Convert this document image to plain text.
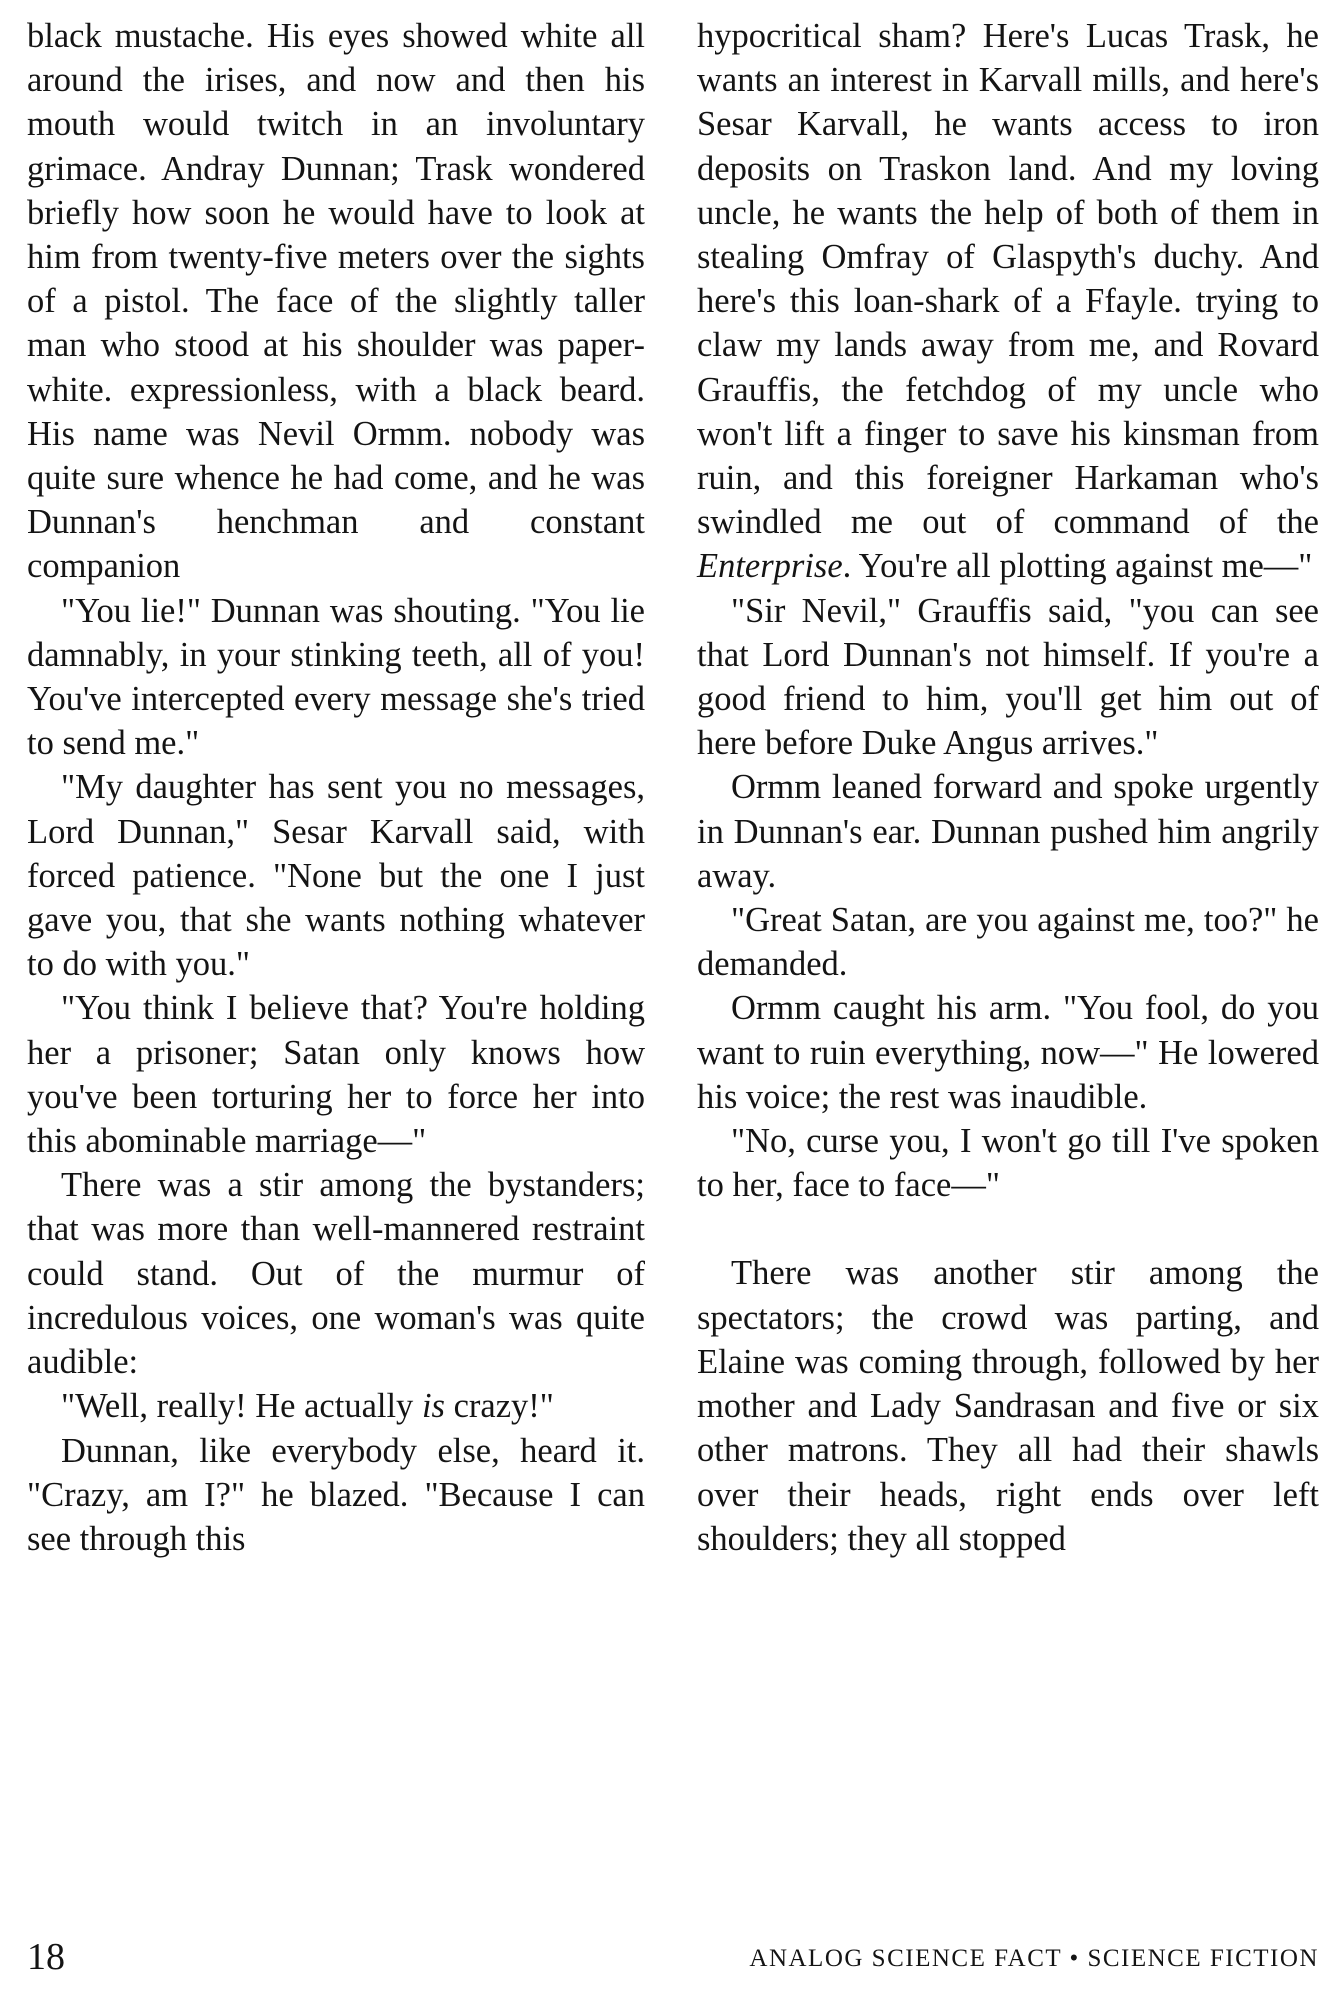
black mustache. His eyes showed white all around the irises, and now and then his mouth would twitch in an involuntary grimace. Andray Dunnan; Trask wondered briefly how soon he would have to look at him from twenty-five meters over the sights of a pistol. The face of the slightly taller man who stood at his shoulder was paper-white. expressionless, with a black beard. His name was Nevil Ormm. nobody was quite sure whence he had come, and he was Dunnan's henchman and constant companion

"You lie!" Dunnan was shouting. "You lie damnably, in your stinking teeth, all of you! You've intercepted every message she's tried to send me."

"My daughter has sent you no messages, Lord Dunnan," Sesar Karvall said, with forced patience. "None but the one I just gave you, that she wants nothing whatever to do with you."

"You think I believe that? You're holding her a prisoner; Satan only knows how you've been torturing her to force her into this abominable marriage—"

There was a stir among the bystanders; that was more than well-mannered restraint could stand. Out of the murmur of incredulous voices, one woman's was quite audible:

"Well, really! He actually is crazy!"

Dunnan, like everybody else, heard it. "Crazy, am I?" he blazed. "Because I can see through this

hypocritical sham? Here's Lucas Trask, he wants an interest in Karvall mills, and here's Sesar Karvall, he wants access to iron deposits on Traskon land. And my loving uncle, he wants the help of both of them in stealing Omfray of Glaspyth's duchy. And here's this loan-shark of a Ffayle. trying to claw my lands away from me, and Rovard Grauffis, the fetchdog of my uncle who won't lift a finger to save his kinsman from ruin, and this foreigner Harkaman who's swindled me out of command of the Enterprise. You're all plotting against me—"

"Sir Nevil," Grauffis said, "you can see that Lord Dunnan's not himself. If you're a good friend to him, you'll get him out of here before Duke Angus arrives."

Ormm leaned forward and spoke urgently in Dunnan's ear. Dunnan pushed him angrily away.

"Great Satan, are you against me, too?" he demanded.

Ormm caught his arm. "You fool, do you want to ruin everything, now—" He lowered his voice; the rest was inaudible.

"No, curse you, I won't go till I've spoken to her, face to face—"

There was another stir among the spectators; the crowd was parting, and Elaine was coming through, followed by her mother and Lady Sandrasan and five or six other matrons. They all had their shawls over their heads, right ends over left shoulders; they all stopped

18	ANALOG SCIENCE FACT • SCIENCE FICTION
